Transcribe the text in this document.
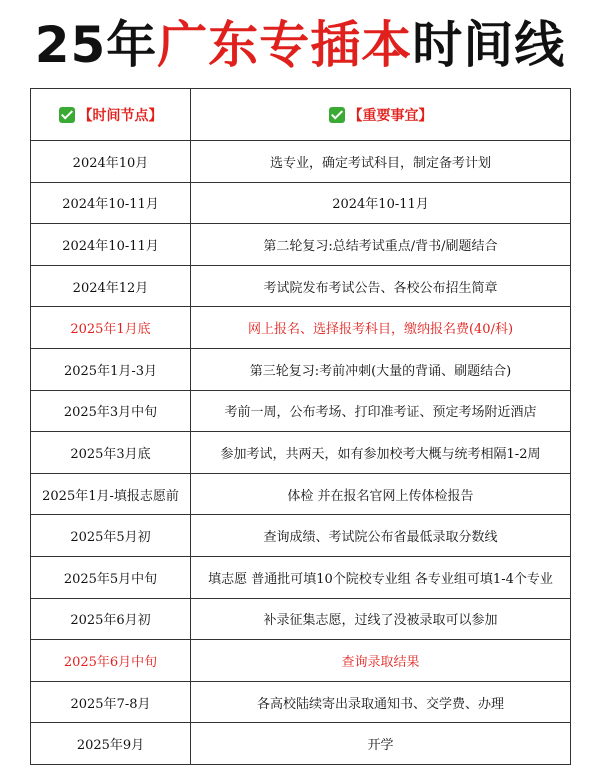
25年广东专插本时间线
【时间节点】	【重要事宜】
2024年10月	选专业，确定考试科目，制定备考计划
2024年10-11月	2024年10-11月
2024年10-11月	第二轮复习:总结考试重点/背书/刷题结合
2024年12月	考试院发布考试公告、各校公布招生简章
2025年1月底	网上报名、选择报考科目，缴纳报名费(40/科)
2025年1月-3月	第三轮复习:考前冲刺(大量的背诵、刷题结合)
2025年3月中旬	考前一周，公布考场、打印准考证、预定考场附近酒店
2025年3月底	参加考试，共两天，如有参加校考大概与统考相隔1-2周
2025年1月-填报志愿前	体检 并在报名官网上传体检报告
2025年5月初	查询成绩、考试院公布省最低录取分数线
2025年5月中旬	填志愿 普通批可填10个院校专业组 各专业组可填1-4个专业
2025年6月初	补录征集志愿，过线了没被录取可以参加
2025年6月中旬	查询录取结果
2025年7-8月	各高校陆续寄出录取通知书、交学费、办理
2025年9月	开学
